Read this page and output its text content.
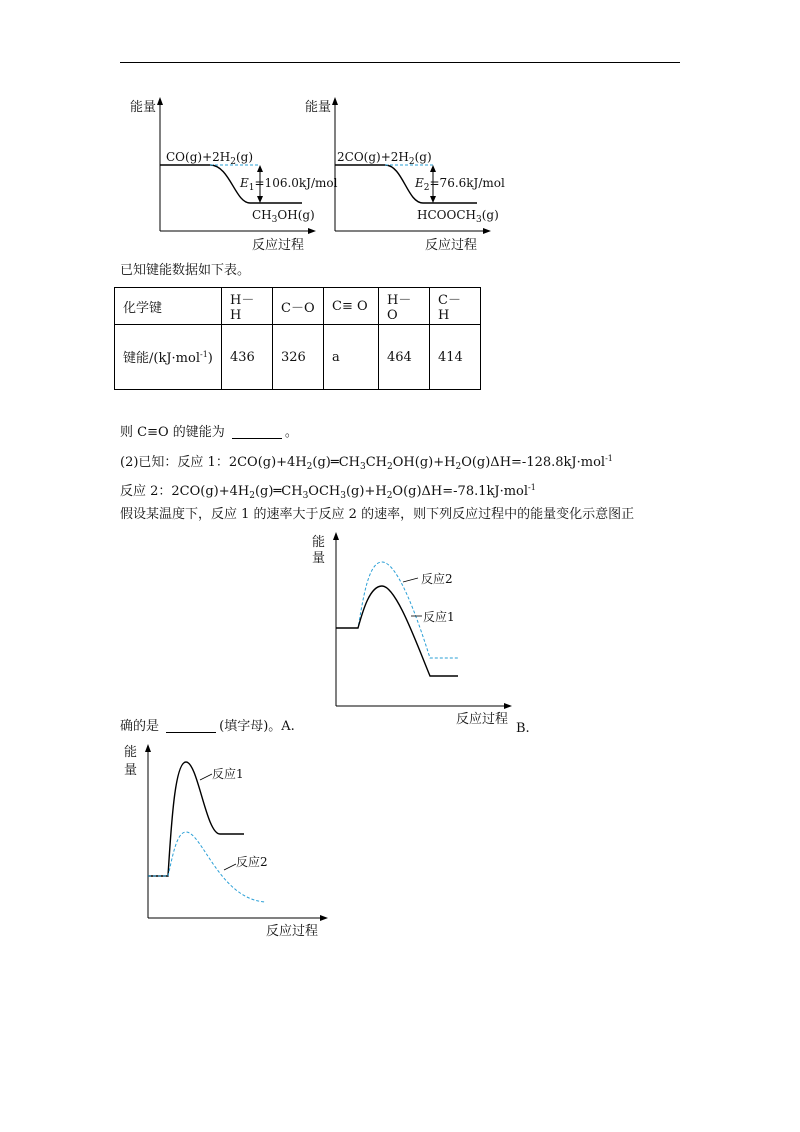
能量
$CO(g)+2H_2(g)$
$E_1=106.0kJ$/mol
$CH_3OH(g)$
反应过程
能量
$2CO(g)+2H_2(g)$
$E_2=76.6kJ$/mol
$HCOOCH_3(g)$
反应过程
已知键能数据如下表。
化学键	H－H	C－O	C≡ O	H－O	C－H
键能/(kJ·mol$^{-1}$)	436	326	a	464	414
则 C≡O 的键能为	。
(2)已知：反应 1：$2CO(g)+4H_2(g)═CH_3CH_2OH(g)+H_2O(g)\Delta H=-128.8kJ\cdot mol^{-1}$
反应 2：$2CO(g)+4H_2(g)═CH_3OCH_3(g)+H_2O(g)\Delta H=-78.1kJ\cdot mol^{-1}$
假设某温度下，反应 1 的速率大于反应 2 的速率，则下列反应过程中的能量变化示意图正
能
量
反应2
反应1
反应过程
确的是	(填字母)。A.	B.
能
量	反应1
反应2
反应过程
